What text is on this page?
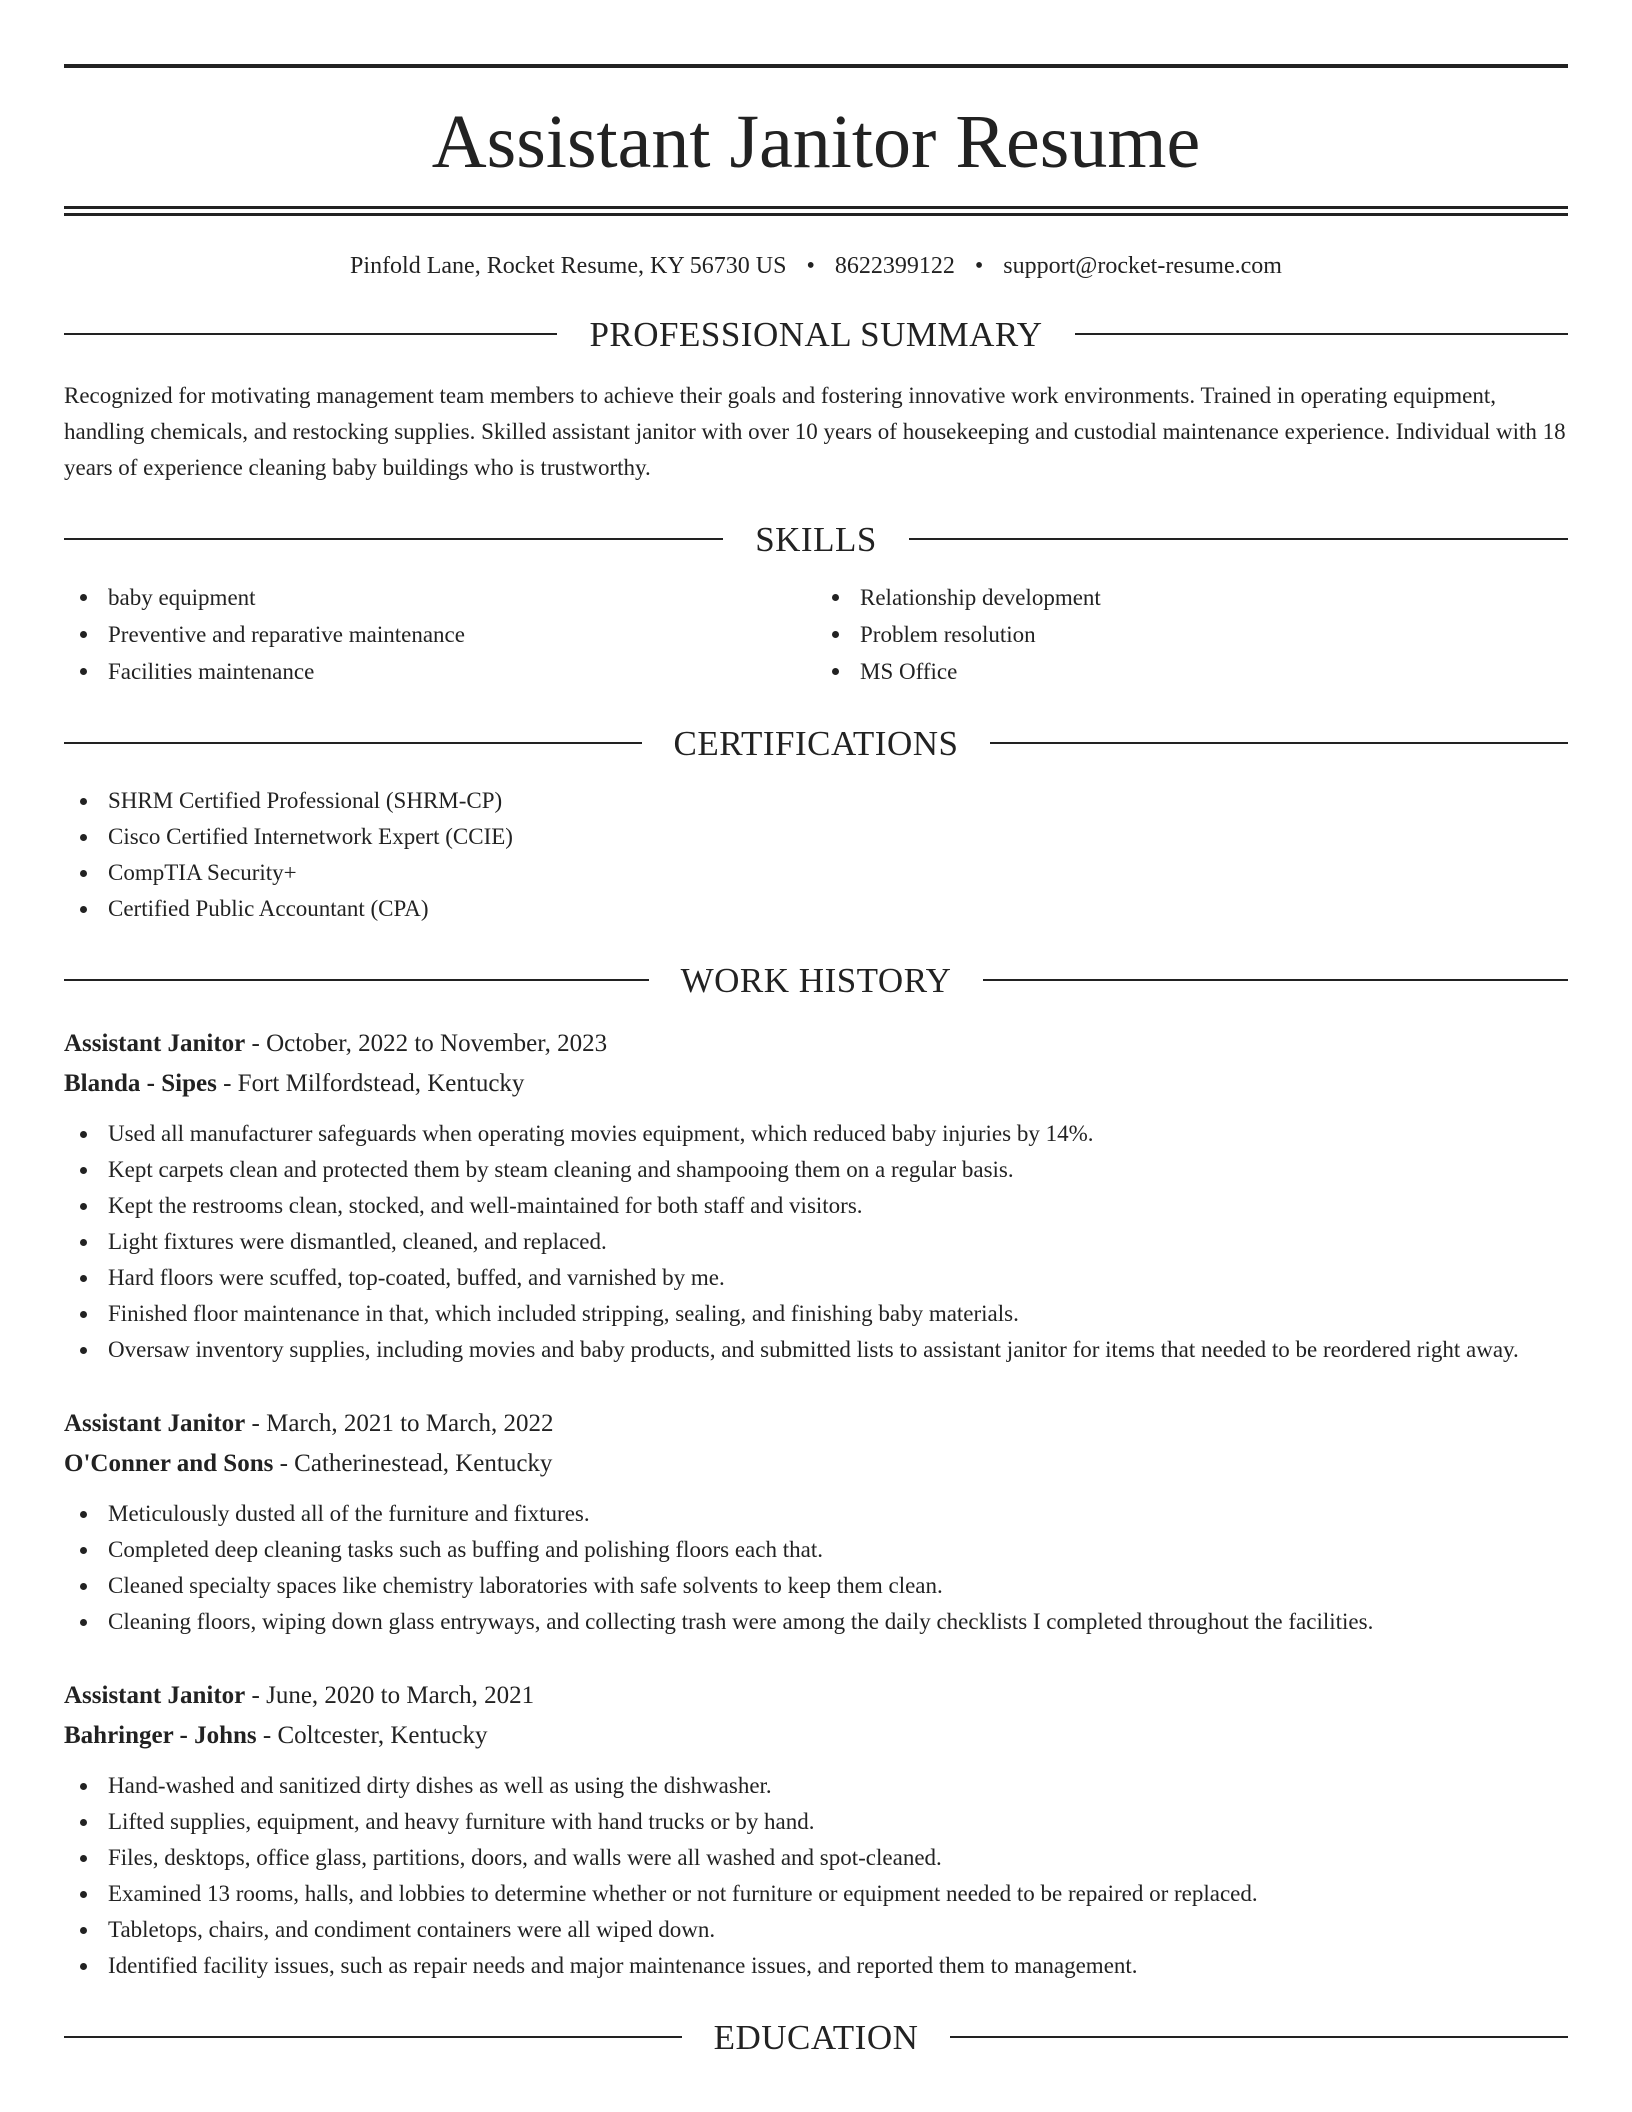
Assistant Janitor Resume
Pinfold Lane, Rocket Resume, KY 56730 US • 8622399122 • support@rocket-resume.com
PROFESSIONAL SUMMARY
Recognized for motivating management team members to achieve their goals and fostering innovative work environments. Trained in operating equipment, handling chemicals, and restocking supplies. Skilled assistant janitor with over 10 years of housekeeping and custodial maintenance experience. Individual with 18 years of experience cleaning baby buildings who is trustworthy.
SKILLS
baby equipment
Preventive and reparative maintenance
Facilities maintenance
Relationship development
Problem resolution
MS Office
CERTIFICATIONS
SHRM Certified Professional (SHRM-CP)
Cisco Certified Internetwork Expert (CCIE)
CompTIA Security+
Certified Public Accountant (CPA)
WORK HISTORY
Assistant Janitor - October, 2022 to November, 2023
Blanda - Sipes - Fort Milfordstead, Kentucky
Used all manufacturer safeguards when operating movies equipment, which reduced baby injuries by 14%.
Kept carpets clean and protected them by steam cleaning and shampooing them on a regular basis.
Kept the restrooms clean, stocked, and well-maintained for both staff and visitors.
Light fixtures were dismantled, cleaned, and replaced.
Hard floors were scuffed, top-coated, buffed, and varnished by me.
Finished floor maintenance in that, which included stripping, sealing, and finishing baby materials.
Oversaw inventory supplies, including movies and baby products, and submitted lists to assistant janitor for items that needed to be reordered right away.
Assistant Janitor - March, 2021 to March, 2022
O'Conner and Sons - Catherinestead, Kentucky
Meticulously dusted all of the furniture and fixtures.
Completed deep cleaning tasks such as buffing and polishing floors each that.
Cleaned specialty spaces like chemistry laboratories with safe solvents to keep them clean.
Cleaning floors, wiping down glass entryways, and collecting trash were among the daily checklists I completed throughout the facilities.
Assistant Janitor - June, 2020 to March, 2021
Bahringer - Johns - Coltcester, Kentucky
Hand-washed and sanitized dirty dishes as well as using the dishwasher.
Lifted supplies, equipment, and heavy furniture with hand trucks or by hand.
Files, desktops, office glass, partitions, doors, and walls were all washed and spot-cleaned.
Examined 13 rooms, halls, and lobbies to determine whether or not furniture or equipment needed to be repaired or replaced.
Tabletops, chairs, and condiment containers were all wiped down.
Identified facility issues, such as repair needs and major maintenance issues, and reported them to management.
EDUCATION
